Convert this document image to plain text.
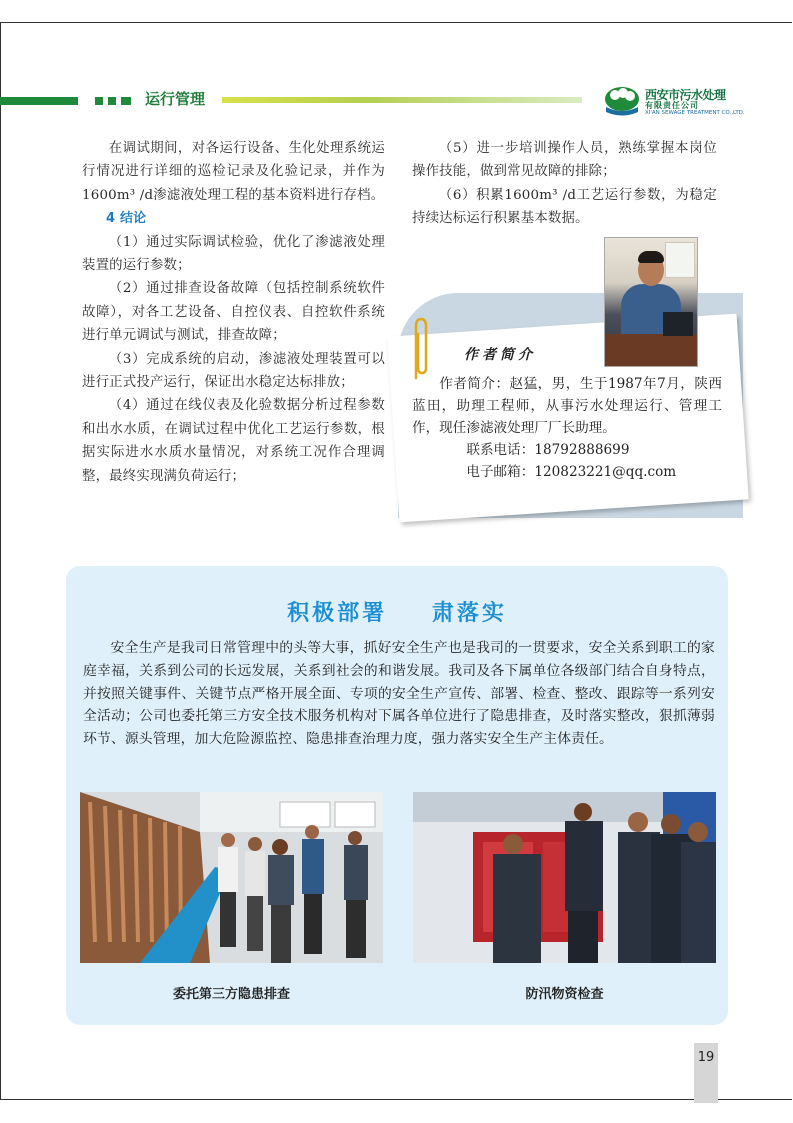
运行管理	西安市污水处理
有限责任公司
XI'AN SEWAGE TREATMENT CO.,LTD.

在调试期间，对各运行设备、生化处理系统运行情况进行详细的巡检记录及化验记录，并作为1600m³ /d渗滤液处理工程的基本资料进行存档。

4 结论

（1）通过实际调试检验，优化了渗滤液处理装置的运行参数；

（2）通过排查设备故障（包括控制系统软件故障），对各工艺设备、自控仪表、自控软件系统进行单元调试与测试，排查故障；

（3）完成系统的启动，渗滤液处理装置可以进行正式投产运行，保证出水稳定达标排放；

（4）通过在线仪表及化验数据分析过程参数和出水水质，在调试过程中优化工艺运行参数，根据实际进水水质水量情况，对系统工况作合理调整，最终实现满负荷运行；

（5）进一步培训操作人员，熟练掌握本岗位操作技能，做到常见故障的排除；

（6）积累1600m³ /d工艺运行参数，为稳定持续达标运行积累基本数据。

作者简介

作者简介：赵猛，男，生于1987年7月，陕西蓝田，助理工程师，从事污水处理运行、管理工作，现任渗滤液处理厂厂长助理。

联系电话：18792888699

电子邮箱：120823221@qq.com

积极部署 肃落实

安全生产是我司日常管理中的头等大事，抓好安全生产也是我司的一贯要求，安全关系到职工的家庭幸福，关系到公司的长远发展，关系到社会的和谐发展。我司及各下属单位各级部门结合自身特点，并按照关键事件、关键节点严格开展全面、专项的安全生产宣传、部署、检查、整改、跟踪等一系列安全活动；公司也委托第三方安全技术服务机构对下属各单位进行了隐患排查，及时落实整改，狠抓薄弱环节、源头管理，加大危险源监控、隐患排查治理力度，强力落实安全生产主体责任。

委托第三方隐患排查	防汛物资检查
19
